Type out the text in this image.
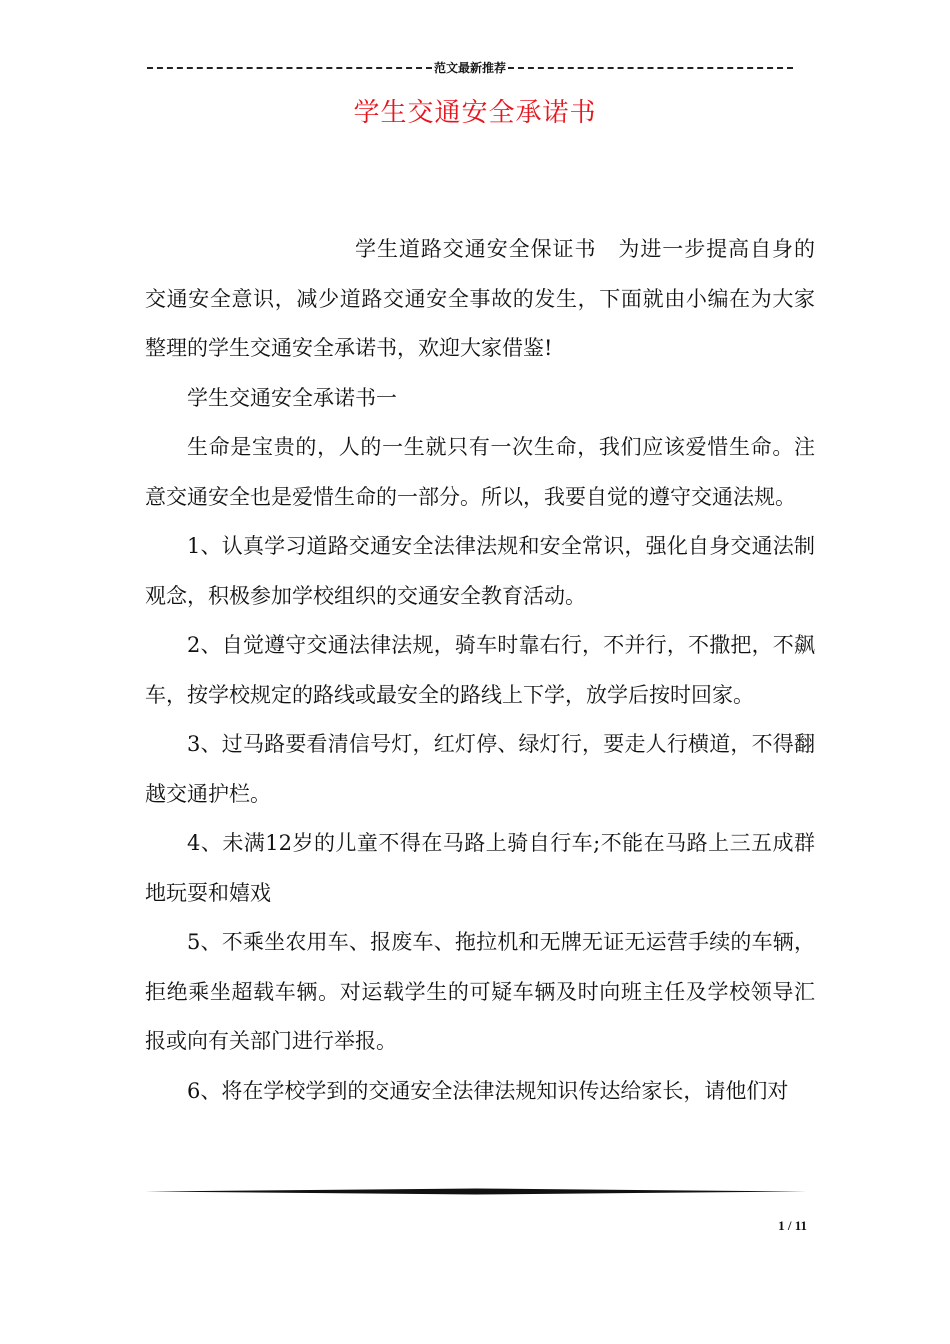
范文最新推荐
学生交通安全承诺书

学生道路交通安全保证书　为进一步提高自身的交通安全意识，减少道路交通安全事故的发生，下面就由小编在为大家整理的学生交通安全承诺书，欢迎大家借鉴!

学生交通安全承诺书一

生命是宝贵的，人的一生就只有一次生命，我们应该爱惜生命。注意交通安全也是爱惜生命的一部分。所以，我要自觉的遵守交通法规。

1、认真学习道路交通安全法律法规和安全常识，强化自身交通法制观念，积极参加学校组织的交通安全教育活动。

2、自觉遵守交通法律法规，骑车时靠右行，不并行，不撒把，不飙车，按学校规定的路线或最安全的路线上下学，放学后按时回家。

3、过马路要看清信号灯，红灯停、绿灯行，要走人行横道，不得翻越交通护栏。

4、未满12岁的儿童不得在马路上骑自行车;不能在马路上三五成群地玩耍和嬉戏

5、不乘坐农用车、报废车、拖拉机和无牌无证无运营手续的车辆，拒绝乘坐超载车辆。对运载学生的可疑车辆及时向班主任及学校领导汇报或向有关部门进行举报。

6、将在学校学到的交通安全法律法规知识传达给家长，请他们对

1 / 11
